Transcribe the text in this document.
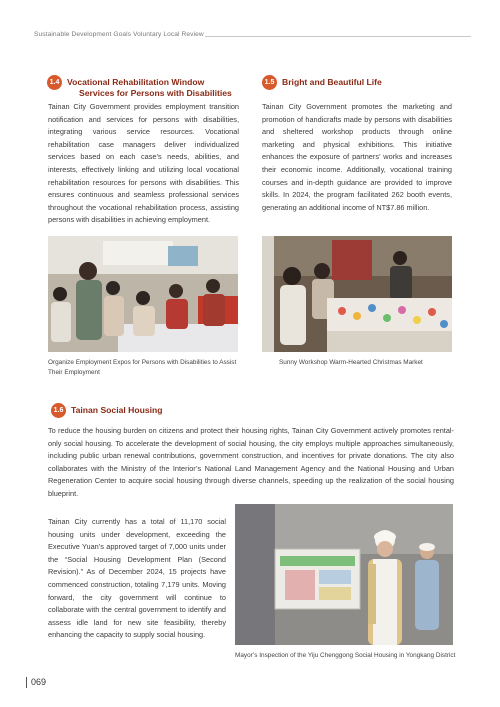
Sustainable Development Goals Voluntary Local Review
1.4 Vocational Rehabilitation Window
Services for Persons with Disabilities
Tainan City Government provides employment transition notification and services for persons with disabilities, integrating various service resources. Vocational rehabilitation case managers deliver individualized services based on each case’s needs, abilities, and interests, effectively linking and utilizing local vocational rehabilitation resources for persons with disabilities. This ensures continuous and seamless professional services throughout the vocational rehabilitation process, assisting persons with disabilities in achieving employment.
1.5 Bright and Beautiful Life
Tainan City Government promotes the marketing and promotion of handicrafts made by persons with disabilities and sheltered workshop products through online marketing and physical exhibitions. This initiative enhances the exposure of partners’ works and increases their economic income. Additionally, vocational training courses and in-depth guidance are provided to improve skills. In 2024, the program facilitated 262 booth events, generating an additional income of NT$7.86 million.
Organize Employment Expos for Persons with Disabilities to Assist Their Employment
Sunny Workshop Warm-Hearted Christmas Market
1.6 Tainan Social Housing
To reduce the housing burden on citizens and protect their housing rights, Tainan City Government actively promotes rental-only social housing. To accelerate the development of social housing, the city employs multiple approaches simultaneously, including public urban renewal contributions, government construction, and incentives for private donations. The city also collaborates with the Ministry of the Interior’s National Land Management Agency and the National Housing and Urban Regeneration Center to acquire social housing through diverse channels, speeding up the realization of the social housing blueprint.
Tainan City currently has a total of 11,170 social housing units under development, exceeding the Executive Yuan’s approved target of 7,000 units under the “Social Housing Development Plan (Second Revision).” As of December 2024, 15 projects have commenced construction, totaling 7,179 units. Moving forward, the city government will continue to collaborate with the central government to identify and assess idle land for new site feasibility, thereby enhancing the capacity to supply social housing.
Mayor’s Inspection of the Yiju Chenggong Social Housing in Yongkang District
069
